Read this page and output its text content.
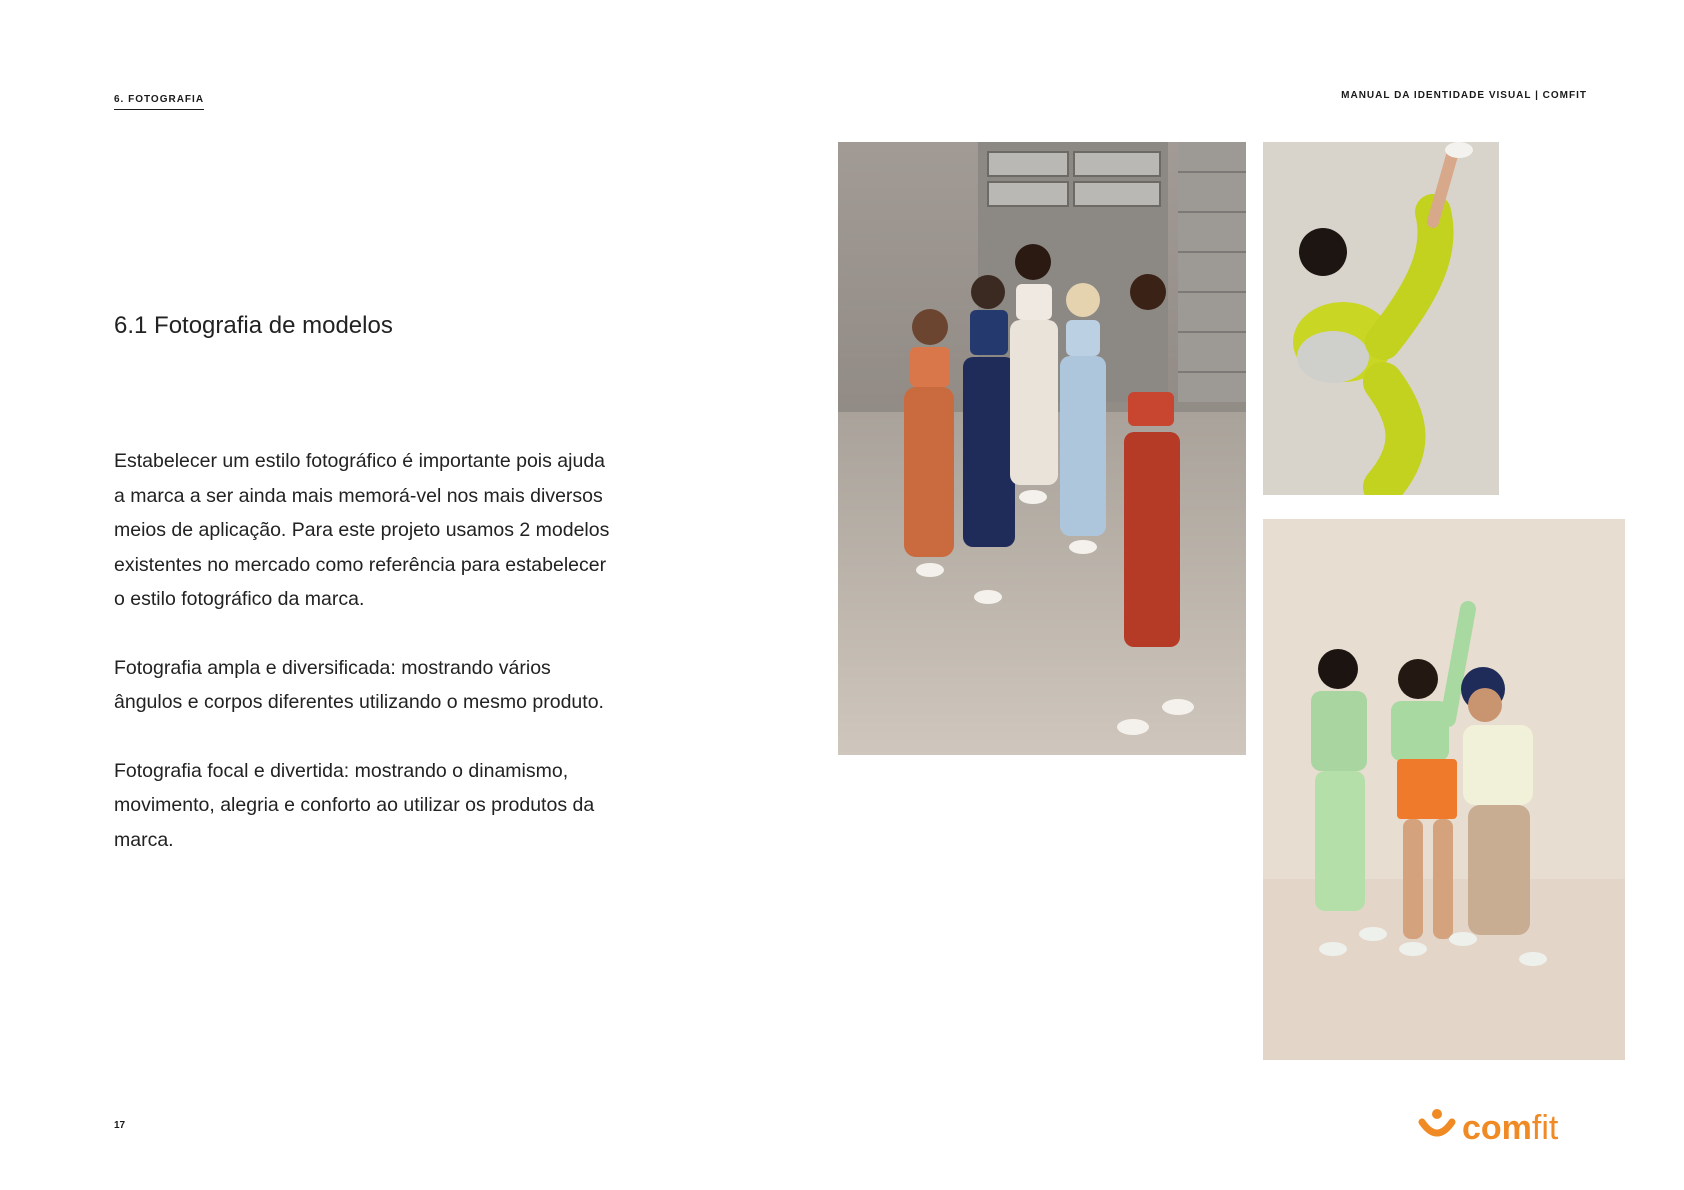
6. FOTOGRAFIA	MANUAL DA IDENTIDADE VISUAL | COMFIT
6.1 Fotografia de modelos

Estabelecer um estilo fotográfico é importante pois ajuda a marca a ser ainda mais memorá-vel nos mais diversos meios de aplicação. Para este projeto usamos 2 modelos existentes no mercado como referência para estabelecer o estilo fotográfico da marca.

Fotografia ampla e diversificada: mostrando vários ângulos e corpos diferentes utilizando o mesmo produto.

Fotografia focal e divertida: mostrando o dinamismo, movimento, alegria e conforto ao utilizar os produtos da marca.

17	com fit
